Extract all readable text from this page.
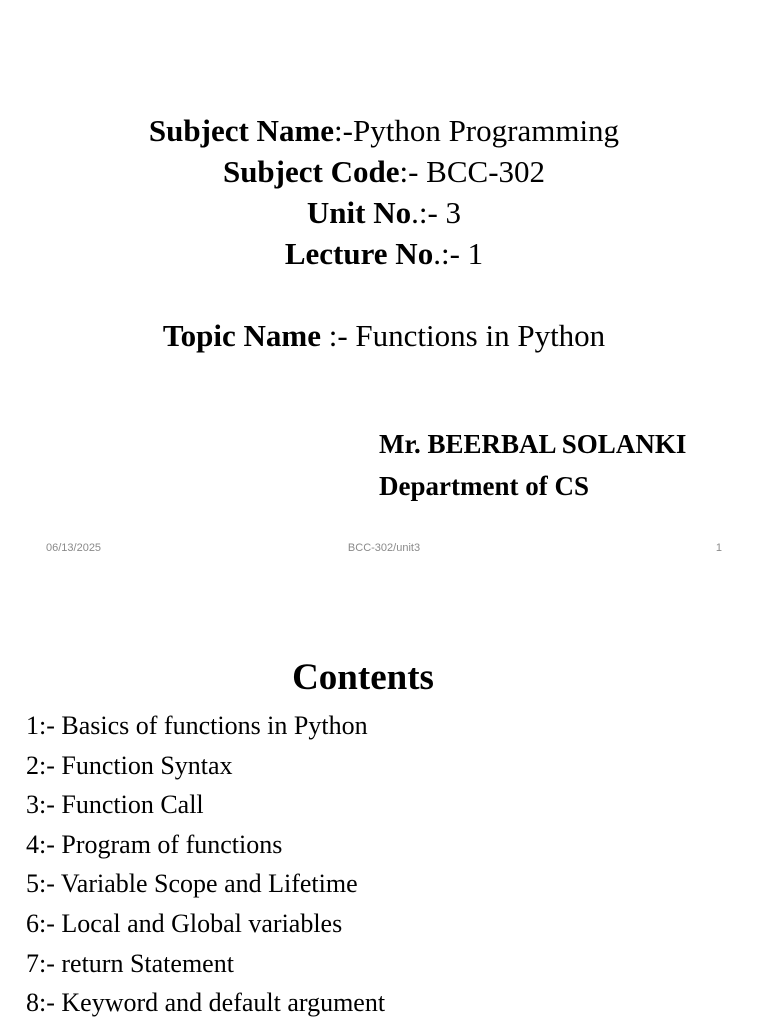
Subject Name:-Python Programming
Subject Code:- BCC-302
Unit No.:- 3
Lecture No.:- 1
Topic Name :- Functions in Python
Mr. BEERBAL SOLANKI
Department of CS
06/13/2025	BCC-302/unit3	1
Contents
1:- Basics of functions in Python
2:- Function Syntax
3:- Function Call
4:- Program of functions
5:- Variable Scope and Lifetime
6:- Local and Global variables
7:- return Statement
8:- Keyword and default argument
